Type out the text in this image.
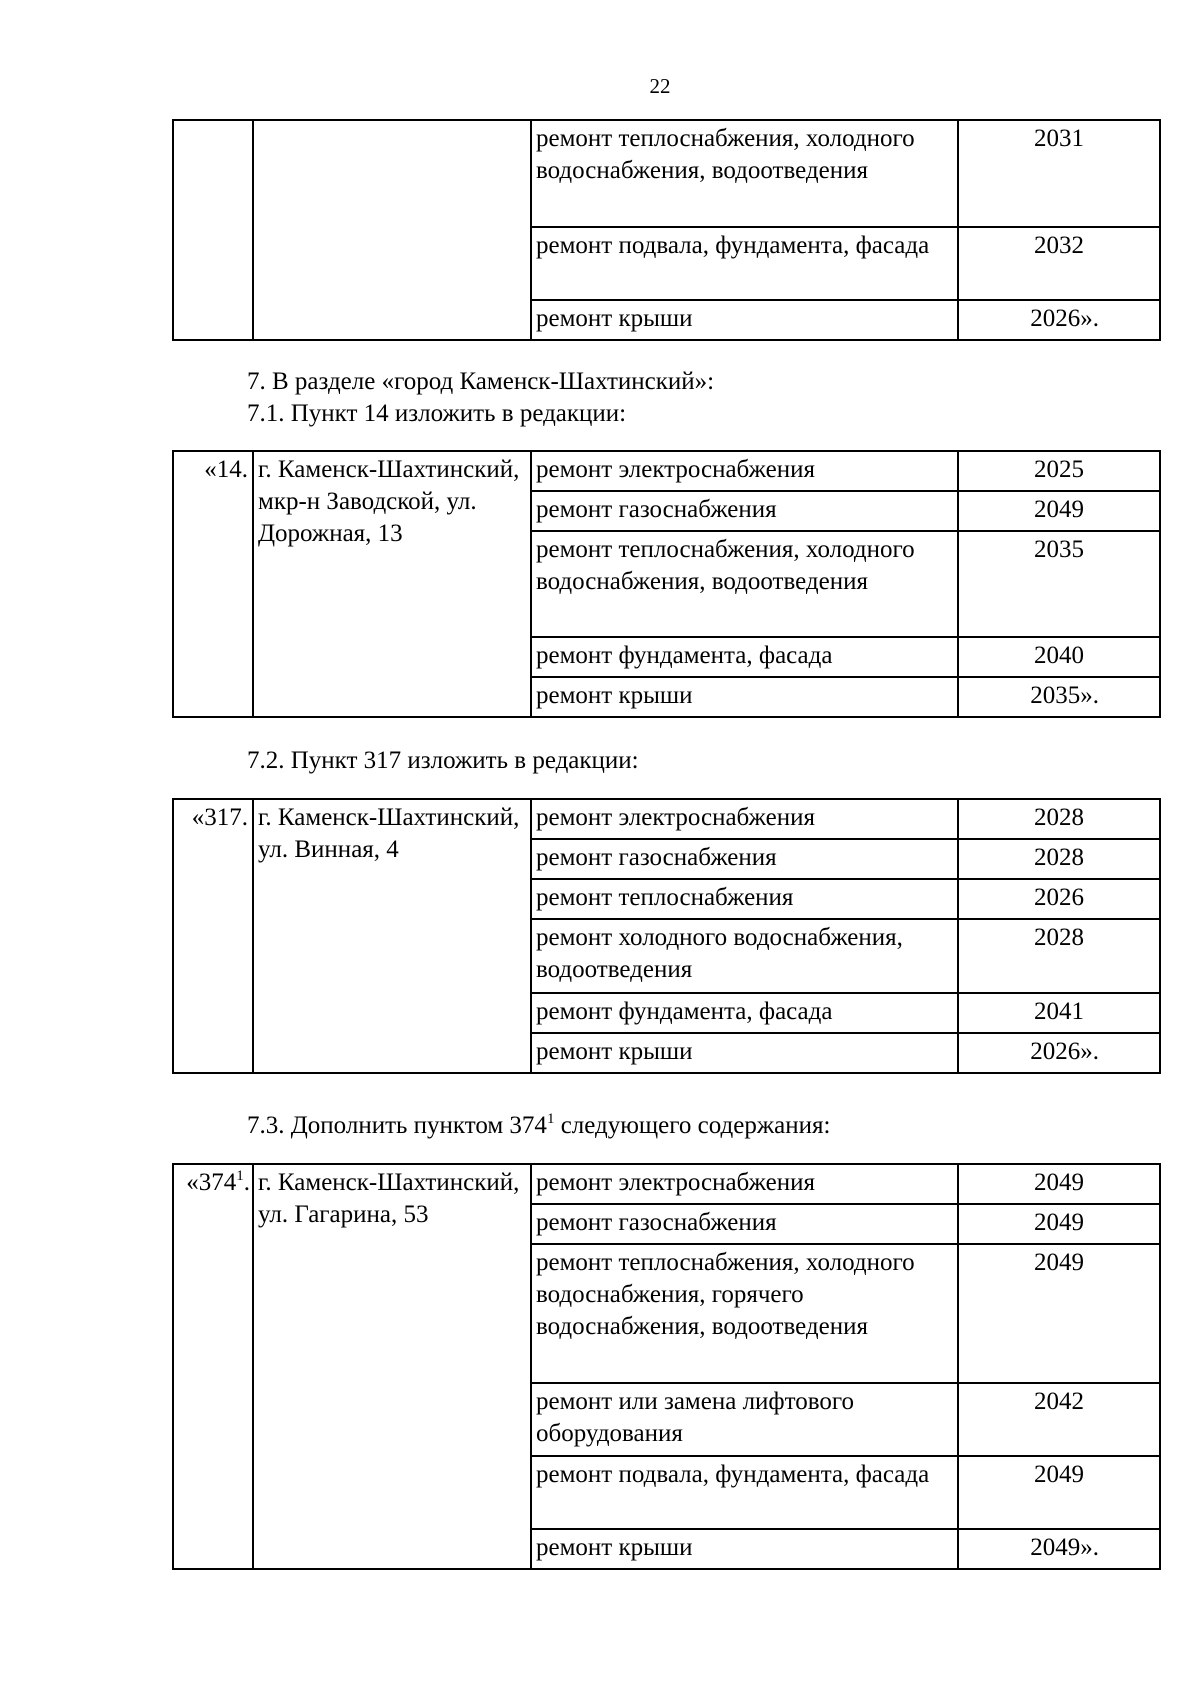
22
		ремонт теплоснабжения, холодного водоснабжения, водоотведения	2031
		ремонт подвала, фундамента, фасада	2032
		ремонт крыши	2026».
7. В разделе «город Каменск-Шахтинский»:
7.1. Пункт 14 изложить в редакции:
«14.	г. Каменск-Шахтинский, мкр-н Заводской, ул. Дорожная, 13	ремонт электроснабжения	2025
		ремонт газоснабжения	2049
		ремонт теплоснабжения, холодного водоснабжения, водоотведения	2035
		ремонт фундамента, фасада	2040
		ремонт крыши	2035».
7.2. Пункт 317 изложить в редакции:
«317.	г. Каменск-Шахтинский, ул. Винная, 4	ремонт электроснабжения	2028
		ремонт газоснабжения	2028
		ремонт теплоснабжения	2026
		ремонт холодного водоснабжения, водоотведения	2028
		ремонт фундамента, фасада	2041
		ремонт крыши	2026».
7.3. Дополнить пунктом $374^1$ следующего содержания:
«$374^1$.	г. Каменск-Шахтинский, ул. Гагарина, 53	ремонт электроснабжения	2049
		ремонт газоснабжения	2049
		ремонт теплоснабжения, холодного водоснабжения, горячего водоснабжения, водоотведения	2049
		ремонт или замена лифтового оборудования	2042
		ремонт подвала, фундамента, фасада	2049
		ремонт крыши	2049».
